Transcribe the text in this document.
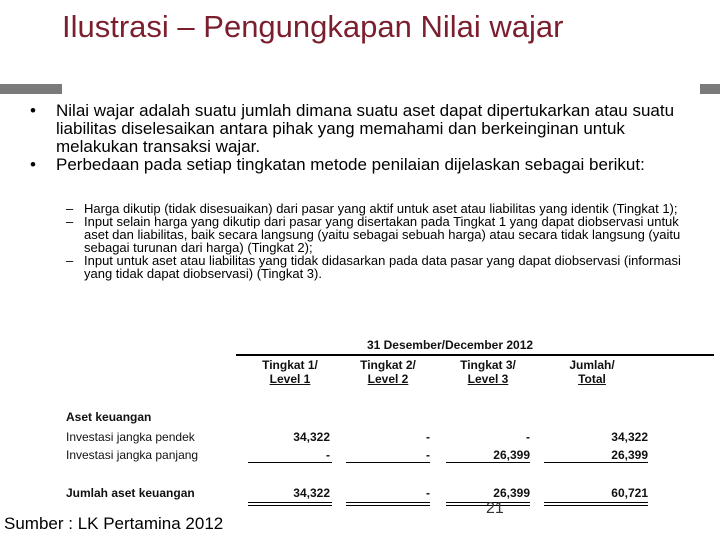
Ilustrasi – Pengungkapan Nilai wajar
• Nilai wajar adalah suatu jumlah dimana suatu aset dapat dipertukarkan atau suatu liabilitas diselesaikan antara pihak yang memahami dan berkeinginan untuk melakukan transaksi wajar.
• Perbedaan pada setiap tingkatan metode penilaian dijelaskan sebagai berikut:
– Harga dikutip (tidak disesuaikan) dari pasar yang aktif untuk aset atau liabilitas yang identik (Tingkat 1);
– Input selain harga yang dikutip dari pasar yang disertakan pada Tingkat 1 yang dapat diobservasi untuk aset dan liabilitas, baik secara langsung (yaitu sebagai sebuah harga) atau secara tidak langsung (yaitu sebagai turunan dari harga) (Tingkat 2);
– Input untuk aset atau liabilitas yang tidak didasarkan pada data pasar yang dapat diobservasi (informasi yang tidak dapat diobservasi) (Tingkat 3).
31 Desember/December 2012
Tingkat 1/
Level 1
Tingkat 2/
Level 2
Tingkat 3/
Level 3
Jumlah/
Total
Aset keuangan
Investasi jangka pendek	34,322	-	-	34,322
Investasi jangka panjang	-	-	26,399	26,399
Jumlah aset keuangan	34,322	-	26,399	60,721
21
Sumber : LK Pertamina 2012
